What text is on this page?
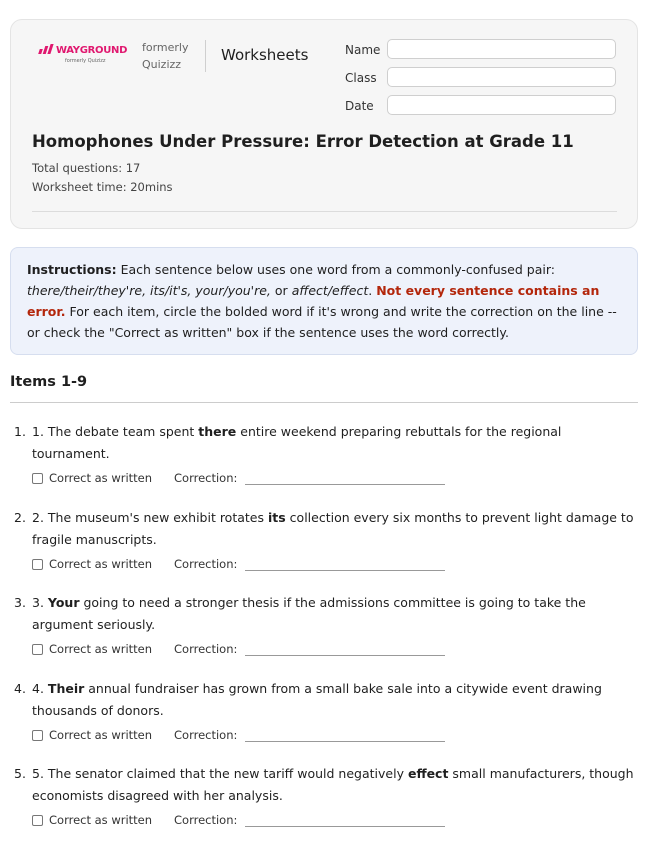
WAYGROUND
formerly Quizizz
formerly
Quizizz
Worksheets	Name
Class
Date
Homophones Under Pressure: Error Detection at Grade 11
Total questions: 17
Worksheet time: 20mins
Instructions: Each sentence below uses one word from a commonly-confused pair: there/their/they're, its/it's, your/you're, or affect/effect. Not every sentence contains an error. For each item, circle the bolded word if it's wrong and write the correction on the line -- or check the "Correct as written" box if the sentence uses the word correctly.
Items 1-9
1. 1. The debate team spent there entire weekend preparing rebuttals for the regional tournament.
Correct as written Correction:
2. 2. The museum's new exhibit rotates its collection every six months to prevent light damage to fragile manuscripts.
Correct as written Correction:
3. 3. Your going to need a stronger thesis if the admissions committee is going to take the argument seriously.
Correct as written Correction:
4. 4. Their annual fundraiser has grown from a small bake sale into a citywide event drawing thousands of donors.
Correct as written Correction:
5. 5. The senator claimed that the new tariff would negatively effect small manufacturers, though economists disagreed with her analysis.
Correct as written Correction:
